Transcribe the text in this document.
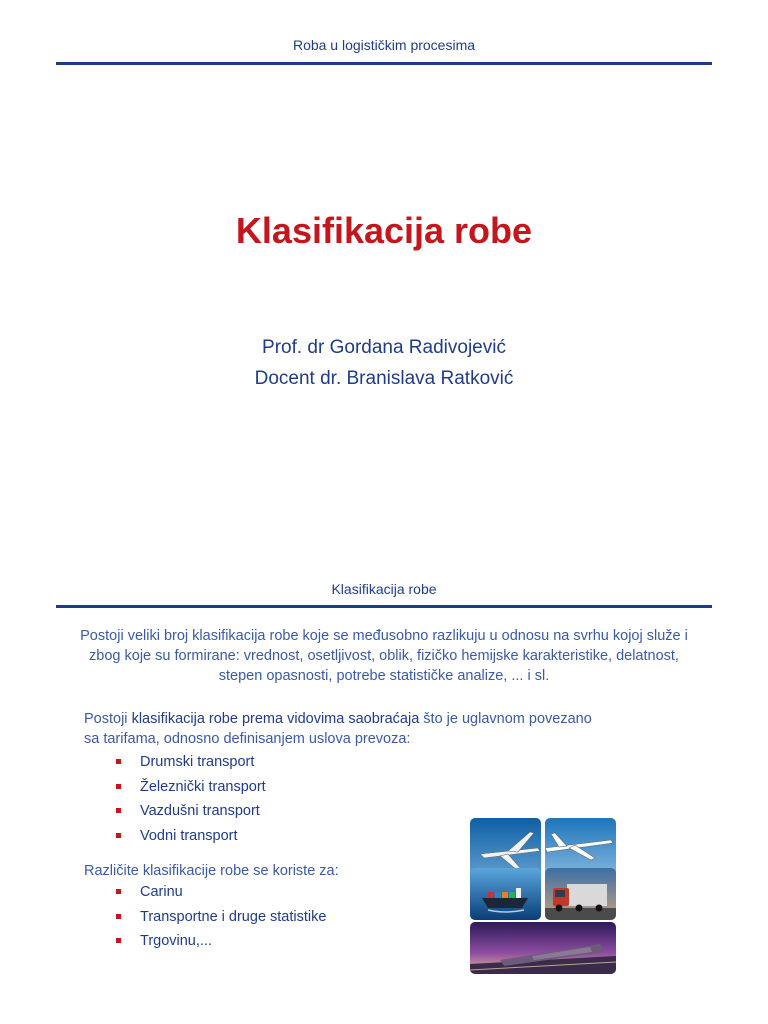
Roba u logističkim procesima
Klasifikacija robe
Prof. dr Gordana Radivojević
Docent dr. Branislava Ratković
Klasifikacija robe
Postoji veliki broj klasifikacija robe koje se međusobno razlikuju u odnosu na svrhu kojoj služe i zbog koje su formirane: vrednost, osetljivost, oblik, fizičko hemijske karakteristike, delatnost, stepen opasnosti, potrebe statističke analize, ... i sl.
Postoji klasifikacija robe prema vidovima saobraćaja što je uglavnom povezano sa tarifama, odnosno definisanjem uslova prevoza:
Drumski transport
Železnički transport
Vazdušni transport
Vodni transport
Različite klasifikacije robe se koriste za:
Carinu
Transportne i druge statistike
Trgovinu,...
